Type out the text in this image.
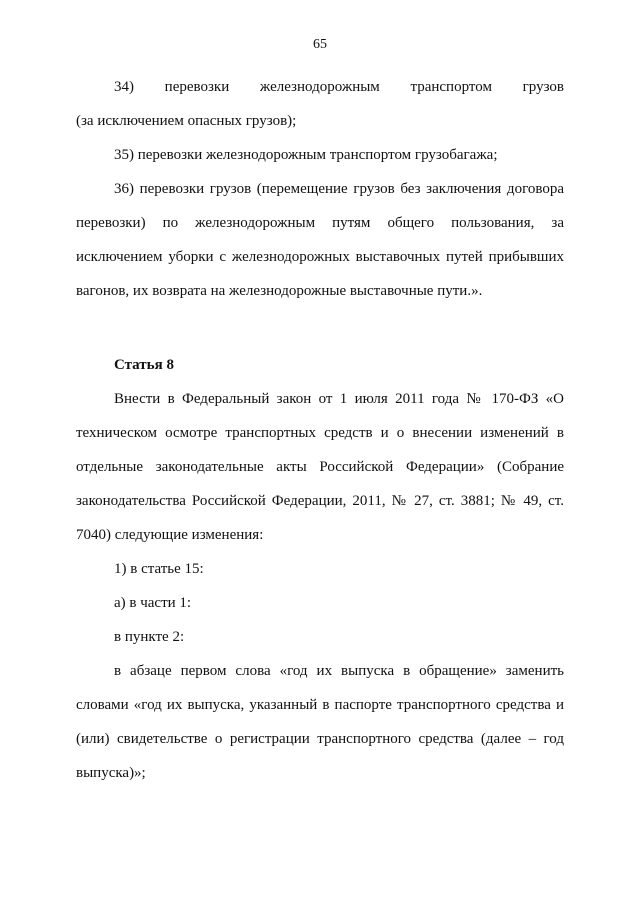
65

34) перевозки железнодорожным транспортом грузов

(за исключением опасных грузов);

35) перевозки железнодорожным транспортом грузобагажа;

36) перевозки грузов (перемещение грузов без заключения договора перевозки) по железнодорожным путям общего пользования, за исключением уборки с железнодорожных выставочных путей прибывших вагонов, их возврата на железнодорожные выставочные пути.».

Статья 8

Внести в Федеральный закон от 1 июля 2011 года № 170-ФЗ «О техническом осмотре транспортных средств и о внесении изменений в отдельные законодательные акты Российской Федерации» (Собрание законодательства Российской Федерации, 2011, № 27, ст. 3881; № 49, ст. 7040) следующие изменения:

1) в статье 15:

а) в части 1:

в пункте 2:

в абзаце первом слова «год их выпуска в обращение» заменить словами «год их выпуска, указанный в паспорте транспортного средства и (или) свидетельстве о регистрации транспортного средства (далее – год выпуска)»;
